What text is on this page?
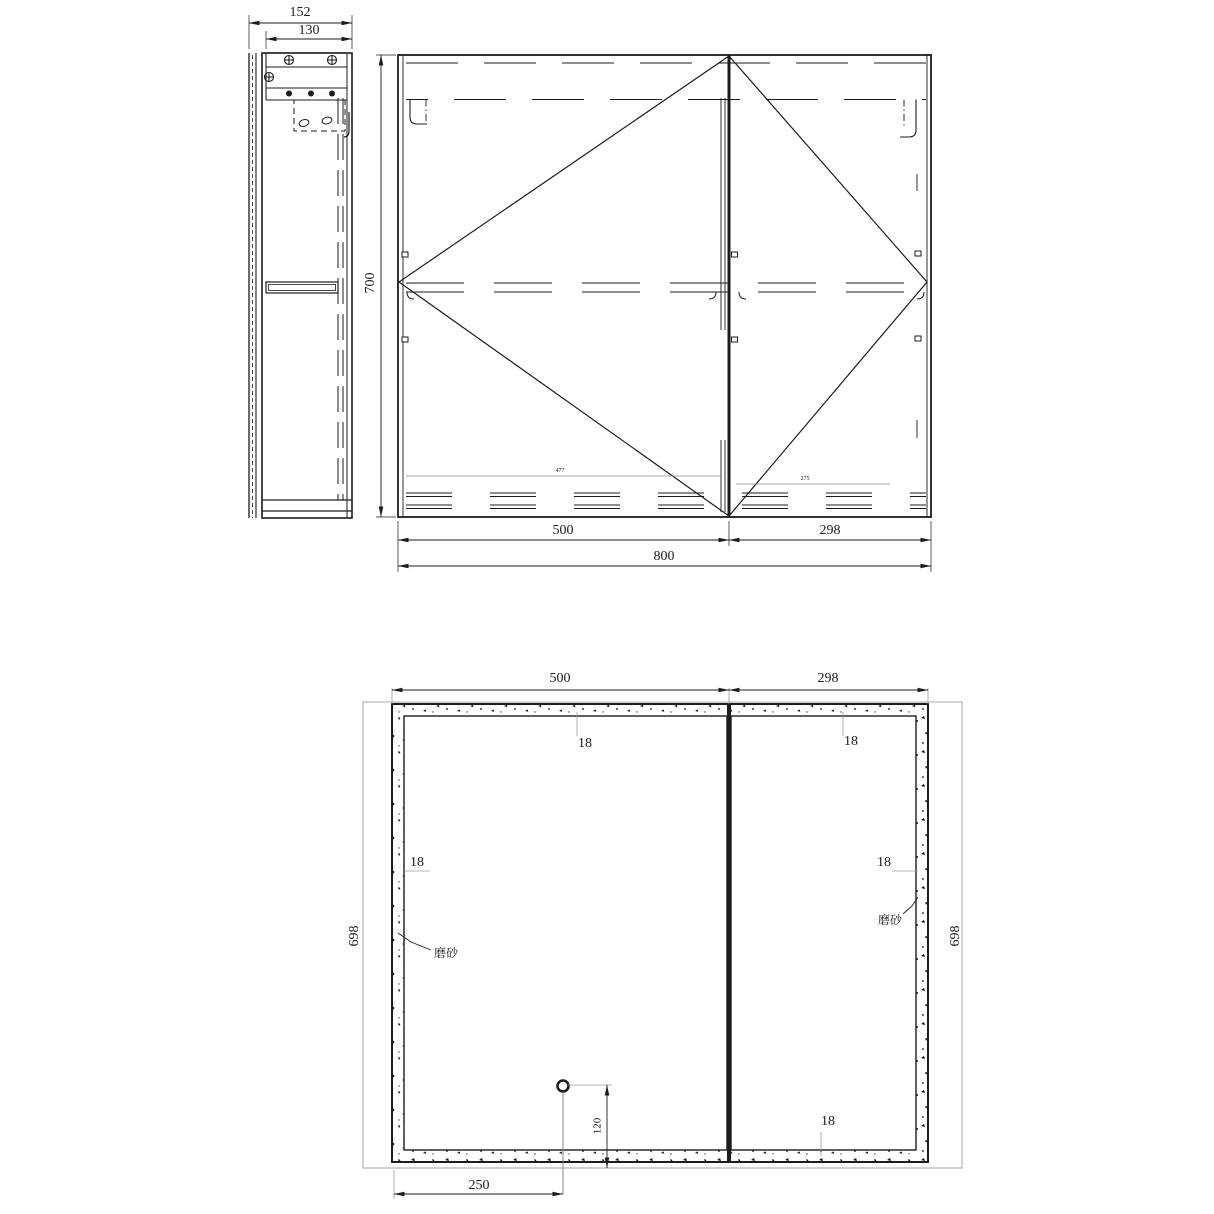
152
130
700
477
275
500	298
800
500	298
18	18
18	18
18
磨砂
磨砂
698	698
120
250
